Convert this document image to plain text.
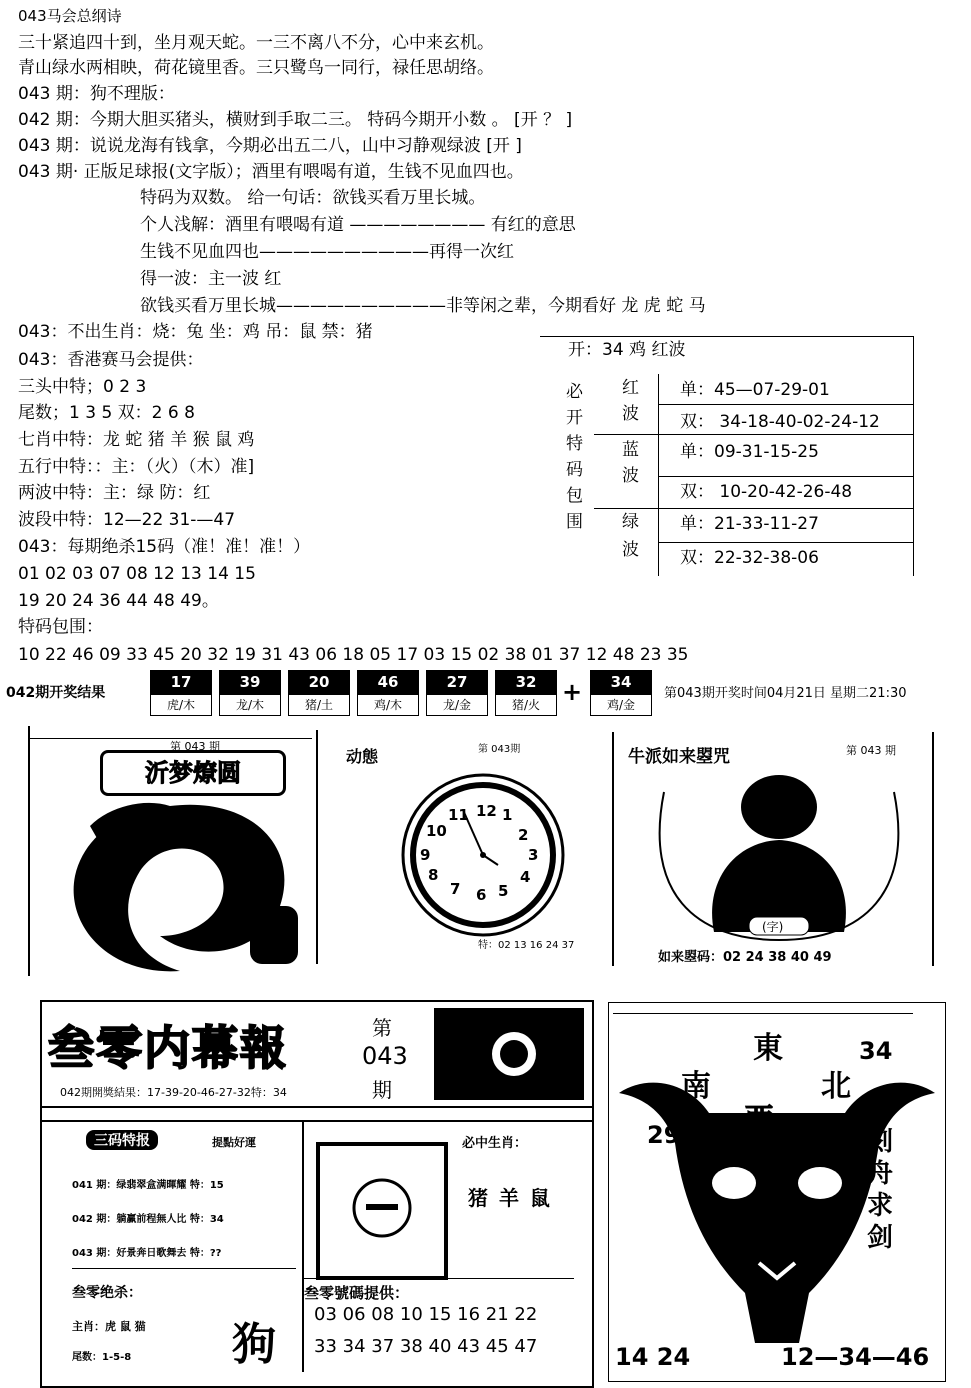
043马会总纲诗
三十紧追四十到，坐月观天蛇。一三不离八不分，心中来玄机。
青山绿水两相映，荷花镜里香。三只鹭鸟一同行，禄任思胡络。
043 期：狗不理版：
042 期：今期大胆买猪头，横财到手取二三。 特码今期开小数 。 [开 ？ ]
043 期：说说龙海有钱拿，今期必出五二八，山中习静观绿波 [开 ]
043 期· 正版足球报(文字版）；酒里有喂喝有道，生钱不见血四也。
特码为双数。 给一句话：欲钱买看万里长城。
个人浅解：酒里有喂喝有道 ———————— 有红的意思
生钱不见血四也——————————再得一次红
得一波：主一波 红
欲钱买看万里长城——————————非等闲之辈，今期看好 龙 虎 蛇 马
043：不出生肖：烧：兔 坐：鸡 吊：鼠 禁：猪
043：香港赛马会提供：
三头中特；0 2 3
尾数；1 3 5 双：2 6 8
七肖中特：龙 蛇 猪 羊 猴 鼠 鸡
五行中特：：主：（火）（木）准]
两波中特：主：绿 防：红
波段中特：12—22 31-—47
043：每期绝杀15码（准！准！准！）
01 02 03 07 08 12 13 14 15
19 20 24 36 44 48 49。
特码包围：
10 22 46 09 33 45 20 32 19 31 43 06 18 05 17 03 15 02 38 01 37 12 48 23 35
开：34 鸡 红波
必
开
特
码
包
围
红
波
单：45—07-29-01
双： 34-18-40-02-24-12
蓝
波
单：09-31-15-25
双： 10-20-42-26-48
绿
波
单：21-33-11-27
双：22-32-38-06
042期开奖结果
17
虎/木
39
龙/木
20
猪/土
46
鸡/木
27
龙/金
32
猪/火 +	34
鸡/金
第043期开奖时间04月21日 星期二21:30
第 043 期
沂梦燎圆
动態	第 043期
12 1
2
3
4
5
6
7
8
9
10
11
特：02 13 16 24 37
牛派如来曌咒	第 043 期
(字)
如来曌码：02 24 38 40 49
叁零内幕報	第
043
期
042期開獎結果：17-39-20-46-27-32特：34
三码特报	提點好運
041 期：绿翡翠盒满暉耀 特：15
042 期：躺赢前程無人比 特：34
043 期：好景奔日歌舞去 特：??
叁零绝杀：
主肖：虎 鼠 猫
尾数：1-5-8 狗
必中生肖：
猪 羊 鼠
叁零號碼提供：
03 06 08 10 15 16 21 22
33 34 37 38 40 43 45 47
東
南	北
西
34
29	刻
舟
求
剑
14 24	12—34—46
